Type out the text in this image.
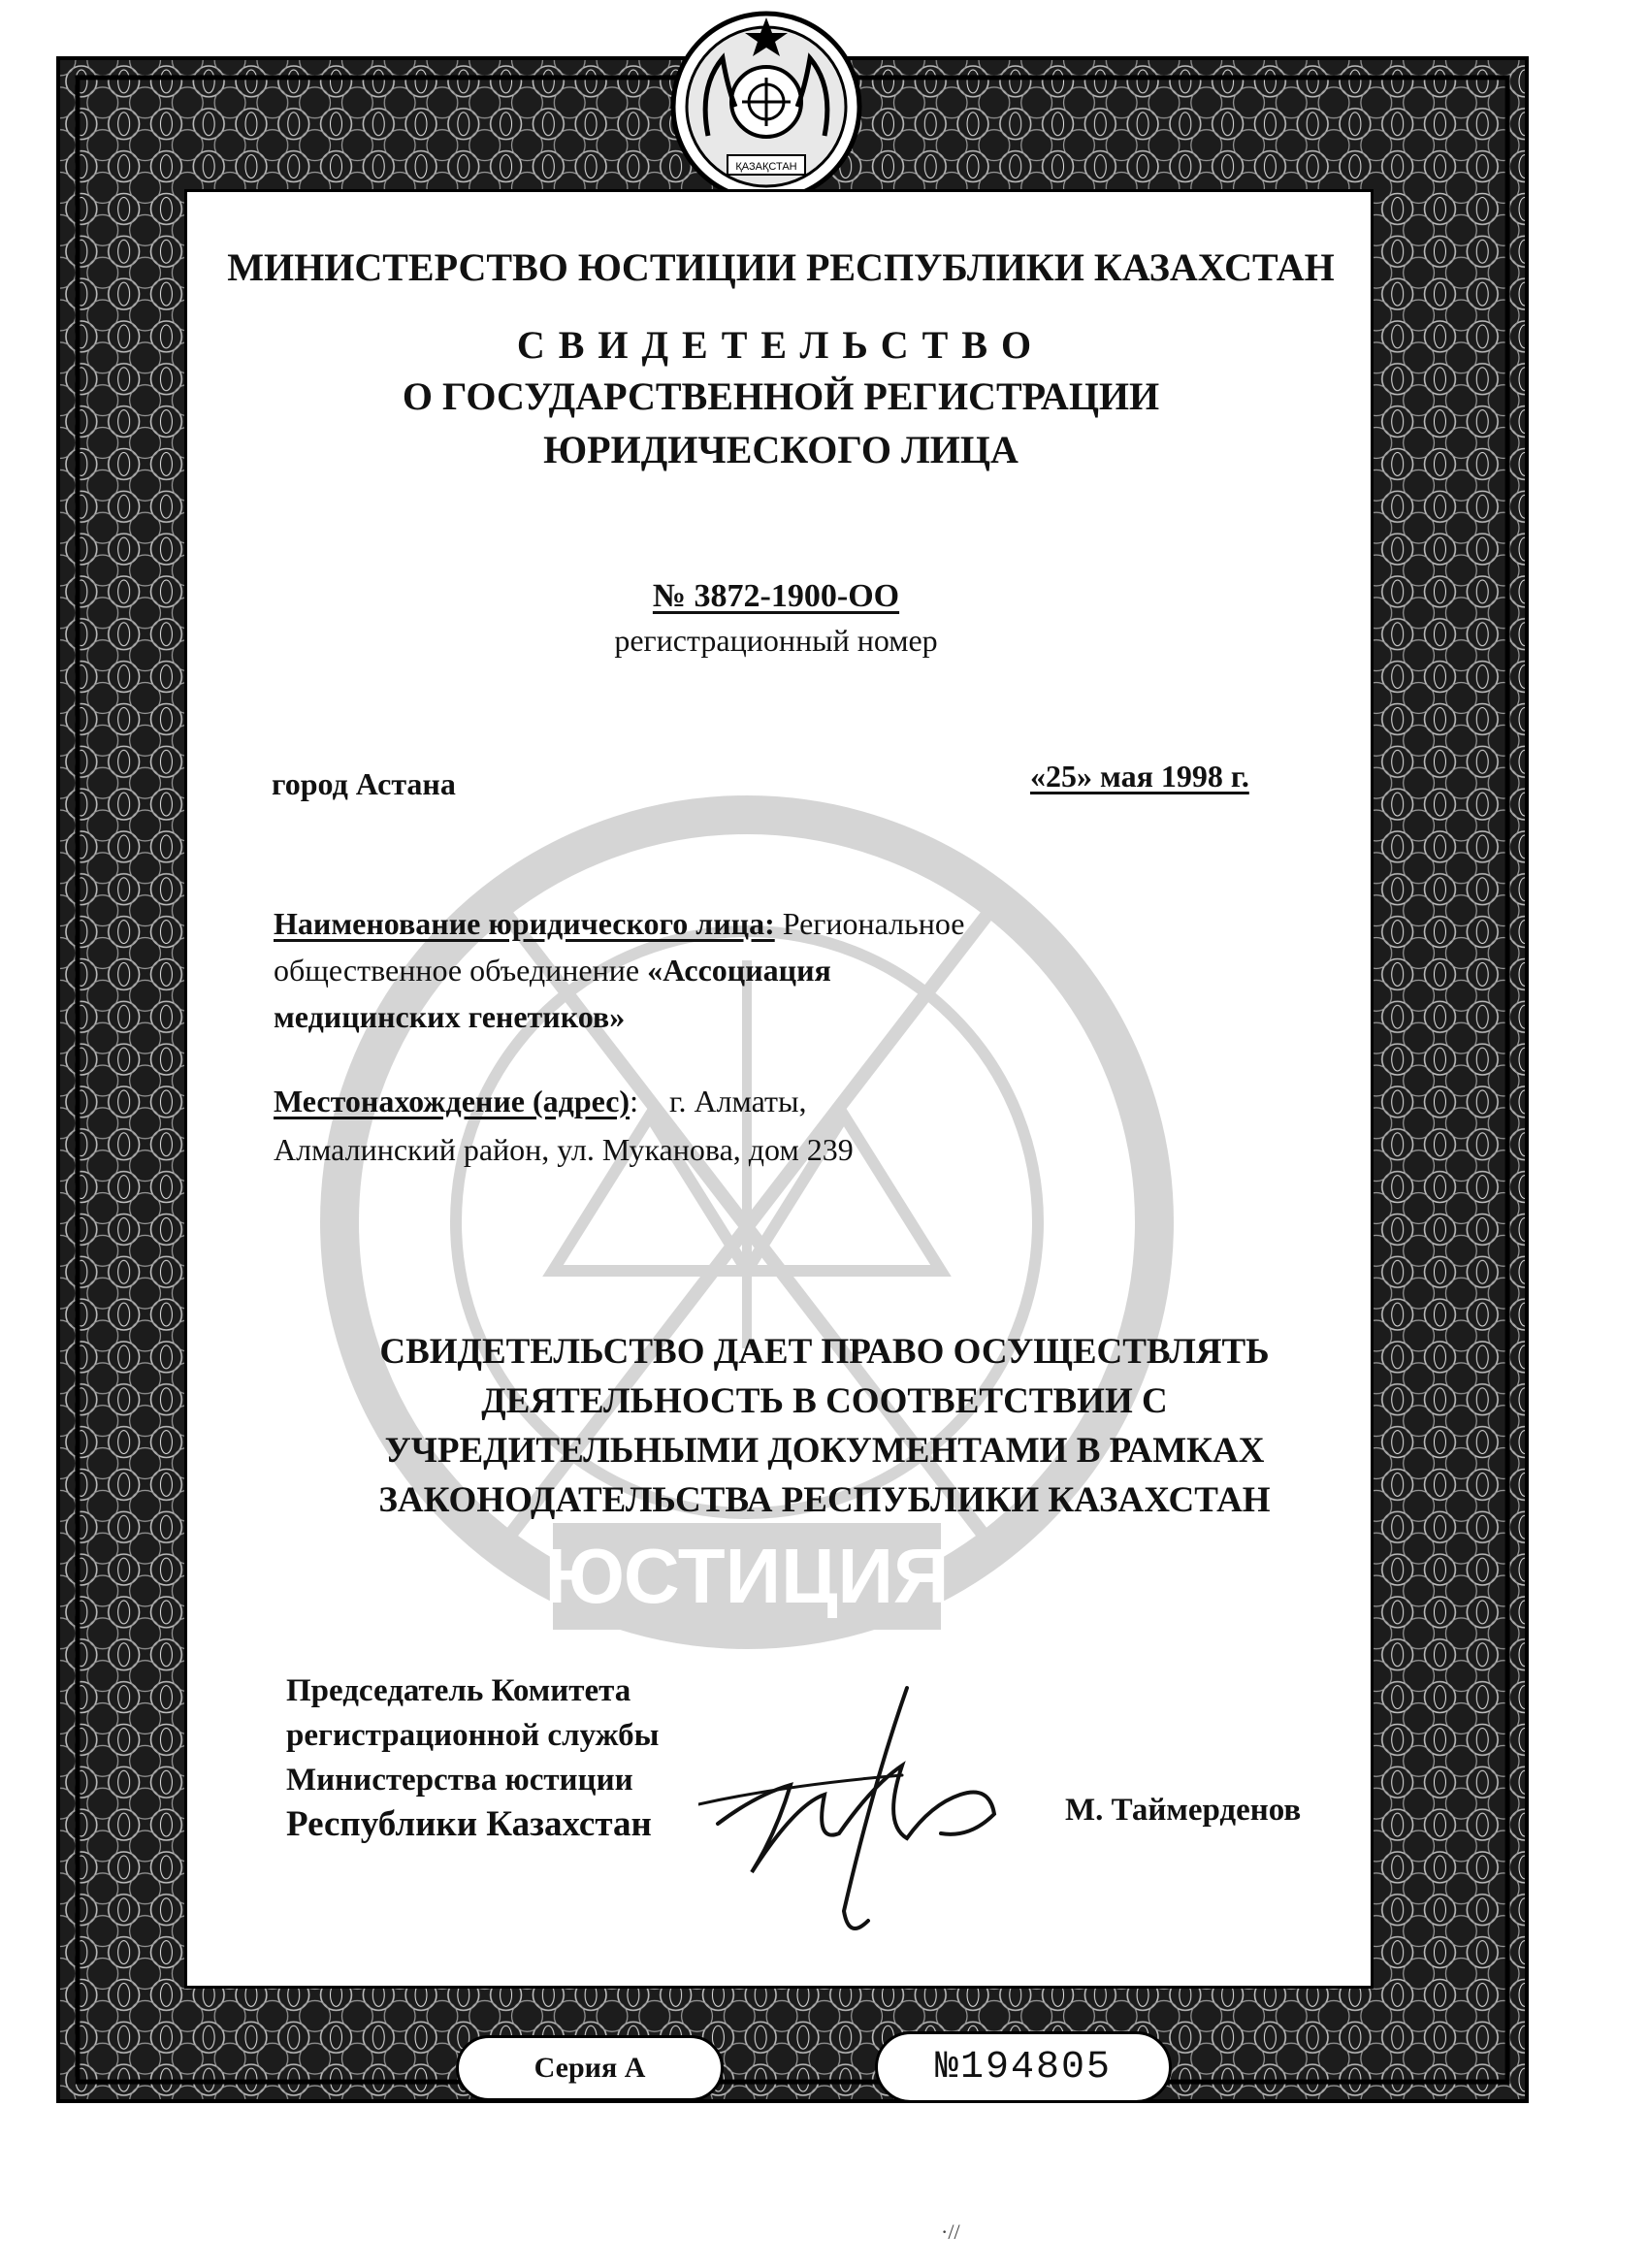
ҚАЗАҚСТАН
ЮСТИЦИЯ
МИНИСТЕРСТВО ЮСТИЦИИ РЕСПУБЛИКИ КАЗАХСТАН
СВИДЕТЕЛЬСТВО
О ГОСУДАРСТВЕННОЙ РЕГИСТРАЦИИ
ЮРИДИЧЕСКОГО ЛИЦА
№ 3872-1900-ОО
регистрационный номер
город Астана	«25» мая 1998 г.
Наименование юридического лица: Региональное
общественное объединение «Ассоциация
медицинских генетиков»
Местонахождение (адрес): г. Алматы,
Алмалинский район, ул. Муканова, дом 239
СВИДЕТЕЛЬСТВО ДАЕТ ПРАВО ОСУЩЕСТВЛЯТЬ
ДЕЯТЕЛЬНОСТЬ В СООТВЕТСТВИИ С
УЧРЕДИТЕЛЬНЫМИ ДОКУМЕНТАМИ В РАМКАХ
ЗАКОНОДАТЕЛЬСТВА РЕСПУБЛИКИ КАЗАХСТАН
Председатель Комитета
регистрационной службы
Министерства юстиции
Республики Казахстан	М. Таймерденов
Серия А	№194805
·//
